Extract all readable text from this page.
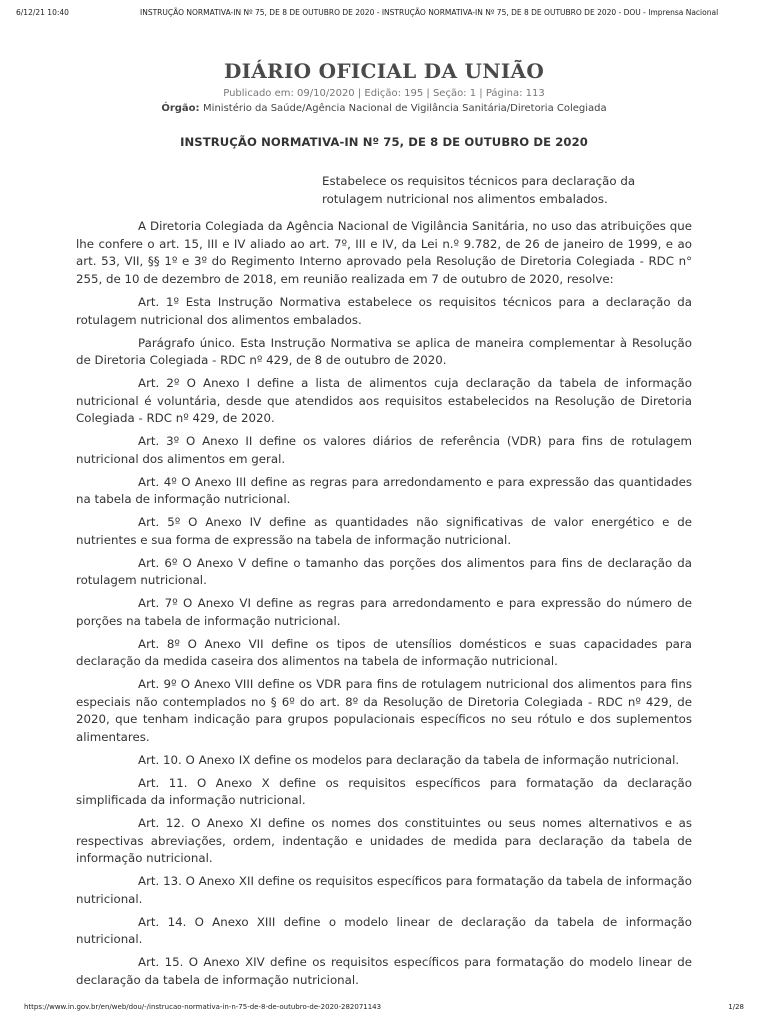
6/12/21 10:40	INSTRUÇÃO NORMATIVA-IN Nº 75, DE 8 DE OUTUBRO DE 2020 - INSTRUÇÃO NORMATIVA-IN Nº 75, DE 8 DE OUTUBRO DE 2020 - DOU - Imprensa Nacional
DIÁRIO OFICIAL DA UNIÃO
Publicado em: 09/10/2020 | Edição: 195 | Seção: 1 | Página: 113
Órgão: Ministério da Saúde/Agência Nacional de Vigilância Sanitária/Diretoria Colegiada
INSTRUÇÃO NORMATIVA-IN Nº 75, DE 8 DE OUTUBRO DE 2020
Estabelece os requisitos técnicos para declaração da rotulagem nutricional nos alimentos embalados.

A Diretoria Colegiada da Agência Nacional de Vigilância Sanitária, no uso das atribuições que lhe confere o art. 15, III e IV aliado ao art. 7º, III e IV, da Lei n.º 9.782, de 26 de janeiro de 1999, e ao art. 53, VII, §§ 1º e 3º do Regimento Interno aprovado pela Resolução de Diretoria Colegiada - RDC n° 255, de 10 de dezembro de 2018, em reunião realizada em 7 de outubro de 2020, resolve:

Art. 1º Esta Instrução Normativa estabelece os requisitos técnicos para a declaração da rotulagem nutricional dos alimentos embalados.

Parágrafo único. Esta Instrução Normativa se aplica de maneira complementar à Resolução de Diretoria Colegiada - RDC nº 429, de 8 de outubro de 2020.

Art. 2º O Anexo I define a lista de alimentos cuja declaração da tabela de informação nutricional é voluntária, desde que atendidos aos requisitos estabelecidos na Resolução de Diretoria Colegiada - RDC nº 429, de 2020.

Art. 3º O Anexo II define os valores diários de referência (VDR) para fins de rotulagem nutricional dos alimentos em geral.

Art. 4º O Anexo III define as regras para arredondamento e para expressão das quantidades na tabela de informação nutricional.

Art. 5º O Anexo IV define as quantidades não significativas de valor energético e de nutrientes e sua forma de expressão na tabela de informação nutricional.

Art. 6º O Anexo V define o tamanho das porções dos alimentos para fins de declaração da rotulagem nutricional.

Art. 7º O Anexo VI define as regras para arredondamento e para expressão do número de porções na tabela de informação nutricional.

Art. 8º O Anexo VII define os tipos de utensílios domésticos e suas capacidades para declaração da medida caseira dos alimentos na tabela de informação nutricional.

Art. 9º O Anexo VIII define os VDR para fins de rotulagem nutricional dos alimentos para fins especiais não contemplados no § 6º do art. 8º da Resolução de Diretoria Colegiada - RDC nº 429, de 2020, que tenham indicação para grupos populacionais específicos no seu rótulo e dos suplementos alimentares.

Art. 10. O Anexo IX define os modelos para declaração da tabela de informação nutricional.

Art. 11. O Anexo X define os requisitos específicos para formatação da declaração simplificada da informação nutricional.

Art. 12. O Anexo XI define os nomes dos constituintes ou seus nomes alternativos e as respectivas abreviações, ordem, indentação e unidades de medida para declaração da tabela de informação nutricional.

Art. 13. O Anexo XII define os requisitos específicos para formatação da tabela de informação nutricional.

Art. 14. O Anexo XIII define o modelo linear de declaração da tabela de informação nutricional.

Art. 15. O Anexo XIV define os requisitos específicos para formatação do modelo linear de declaração da tabela de informação nutricional.

https://www.in.gov.br/en/web/dou/-/instrucao-normativa-in-n-75-de-8-de-outubro-de-2020-282071143	1/28
